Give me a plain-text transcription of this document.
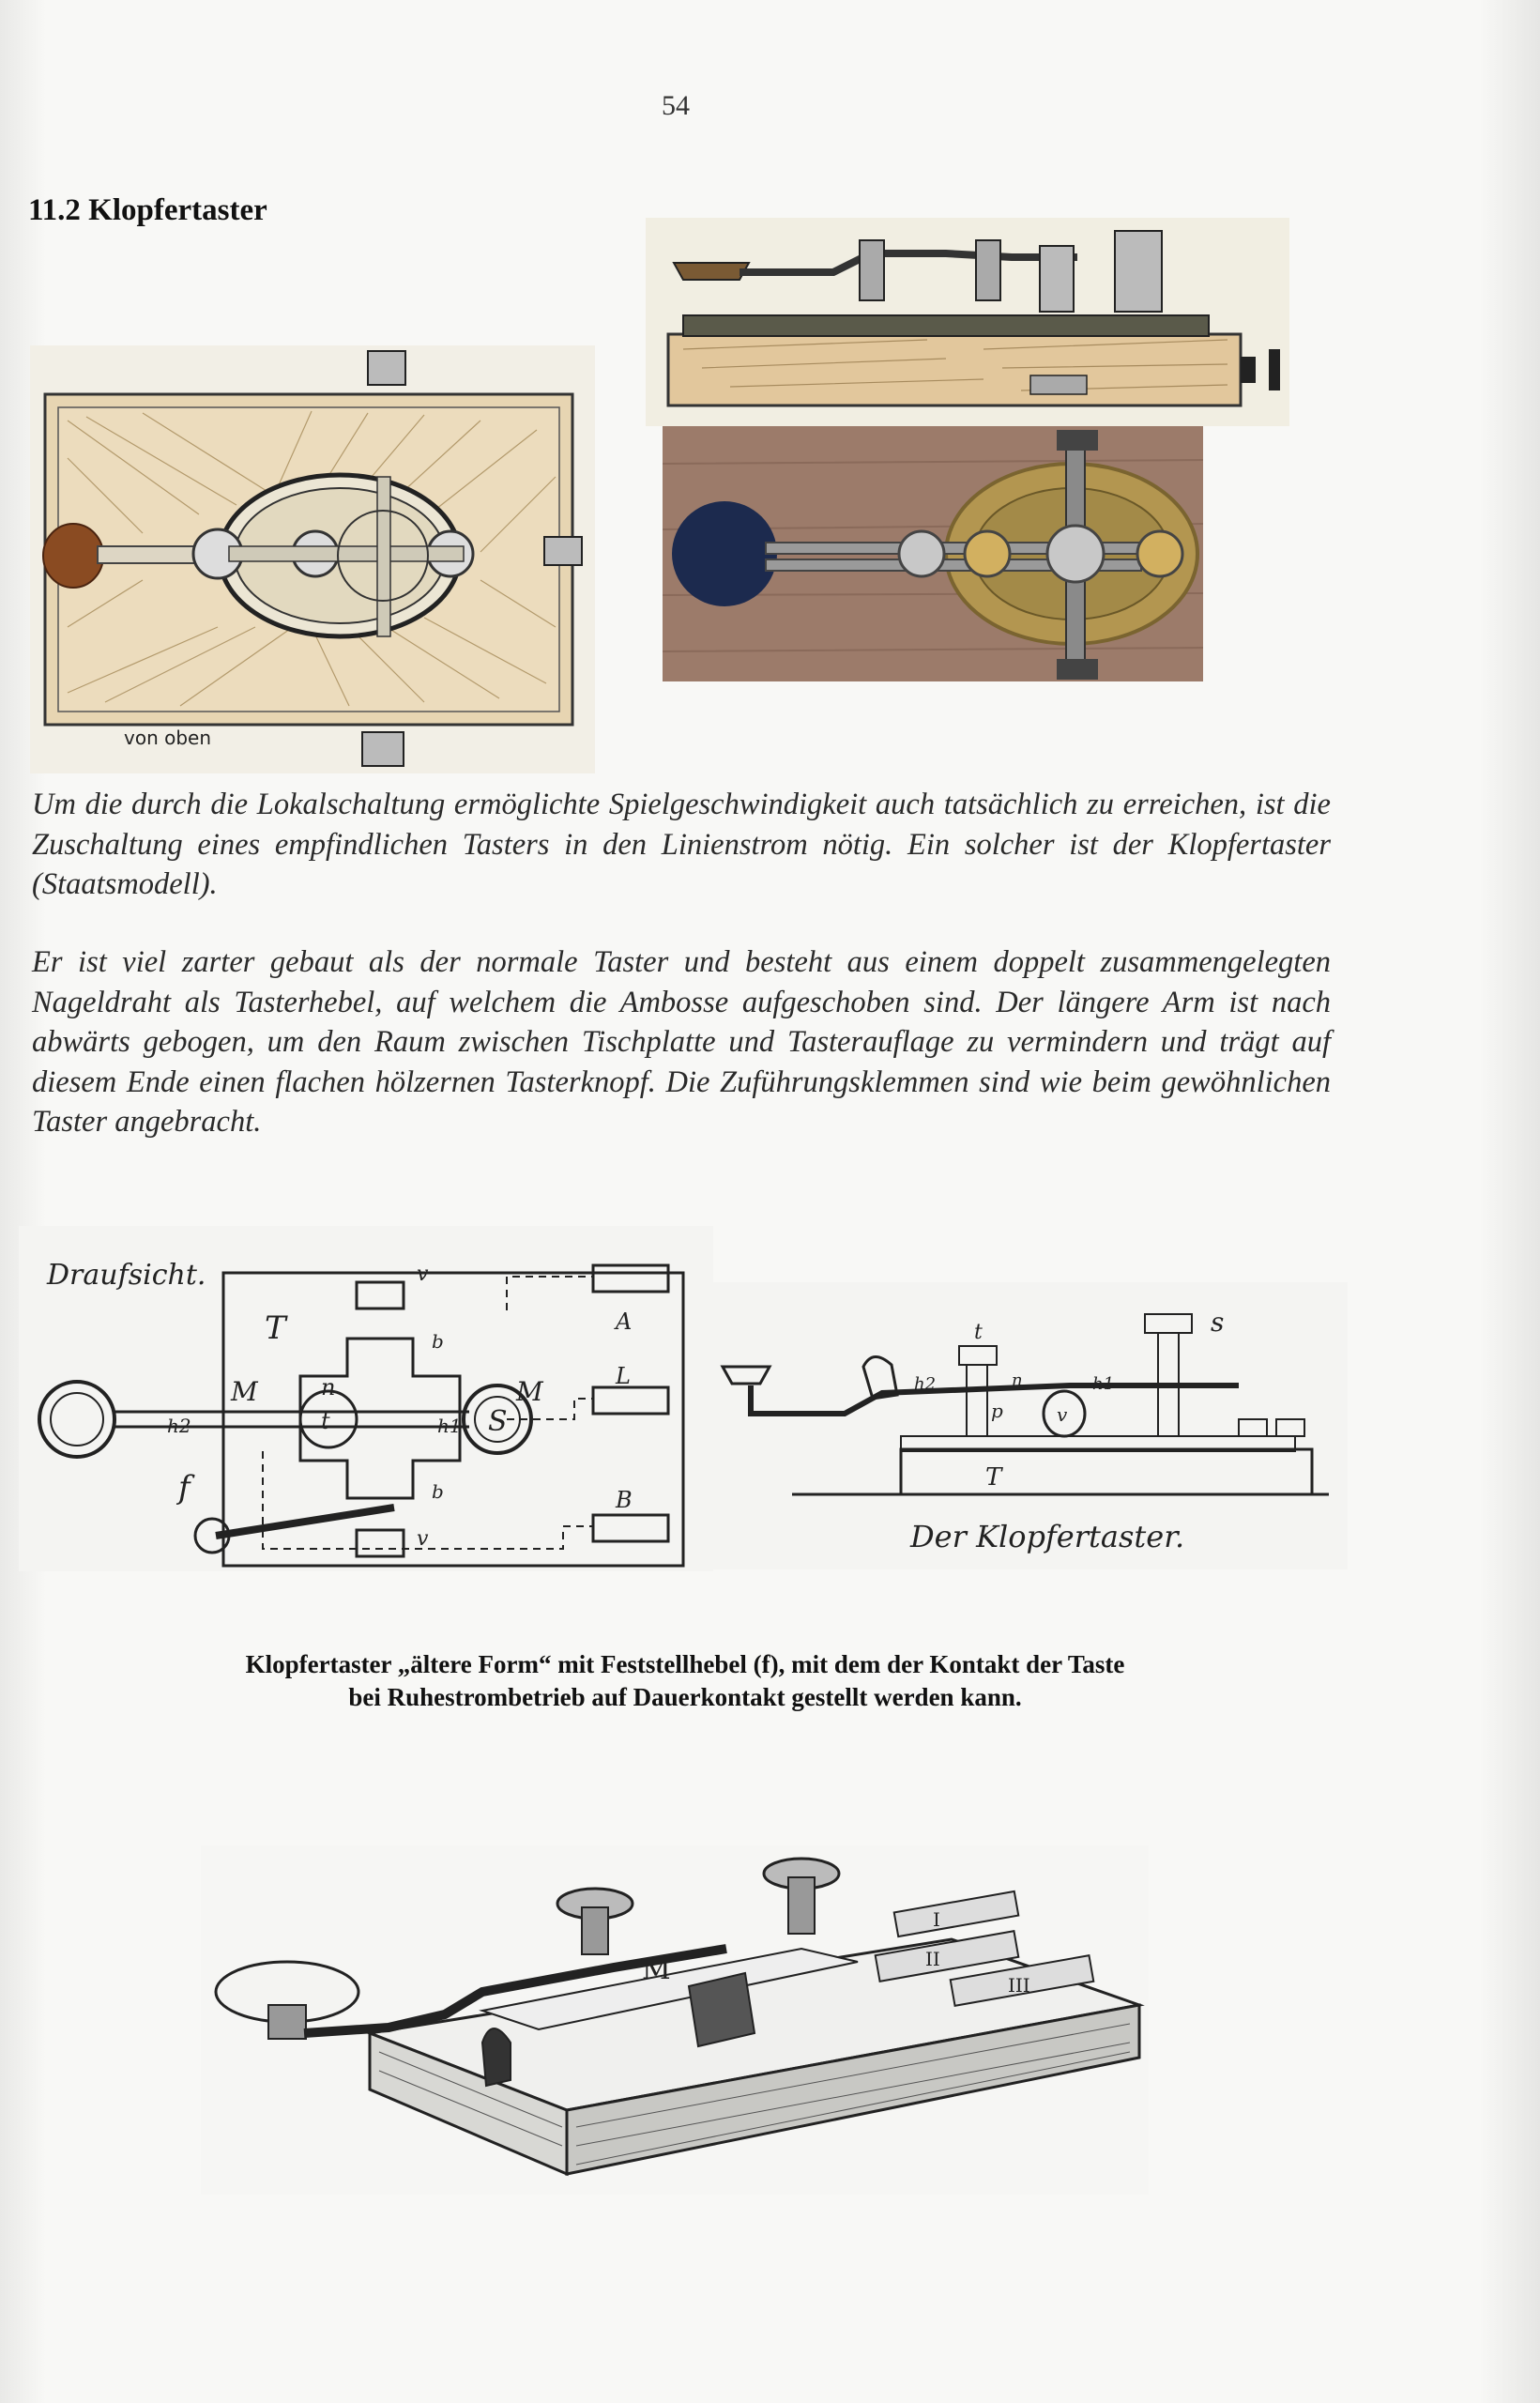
54
11.2 Klopfertaster
von oben

Um die durch die Lokalschaltung ermöglichte Spielgeschwindigkeit auch tatsächlich zu erreichen, ist die Zuschaltung eines empfindlichen Tasters in den Linienstrom nötig. Ein solcher ist der Klopfertaster (Staatsmodell).

Er ist viel zarter gebaut als der normale Taster und besteht aus einem doppelt zusammengelegten Nageldraht als Tasterhebel, auf welchem die Ambosse aufgeschoben sind. Der längere Arm ist nach abwärts gebogen, um den Raum zwischen Tischplatte und Tasterauflage zu vermindern und trägt auf diesem Ende einen flachen hölzernen Tasterknopf. Die Zuführungsklemmen sind wie beim gewöhnlichen Taster angebracht.

Draufsicht.
T
M	M
n
t
h2	h1 S
f
b
b
v
v
A
L
B
t	s
h2	h1
n
p	v
T
Der Klopfertaster.
Klopfertaster „ältere Form“ mit Feststellhebel (f), mit dem der Kontakt der Taste
bei Ruhestrombetrieb auf Dauerkontakt gestellt werden kann.
M
I
II
III
